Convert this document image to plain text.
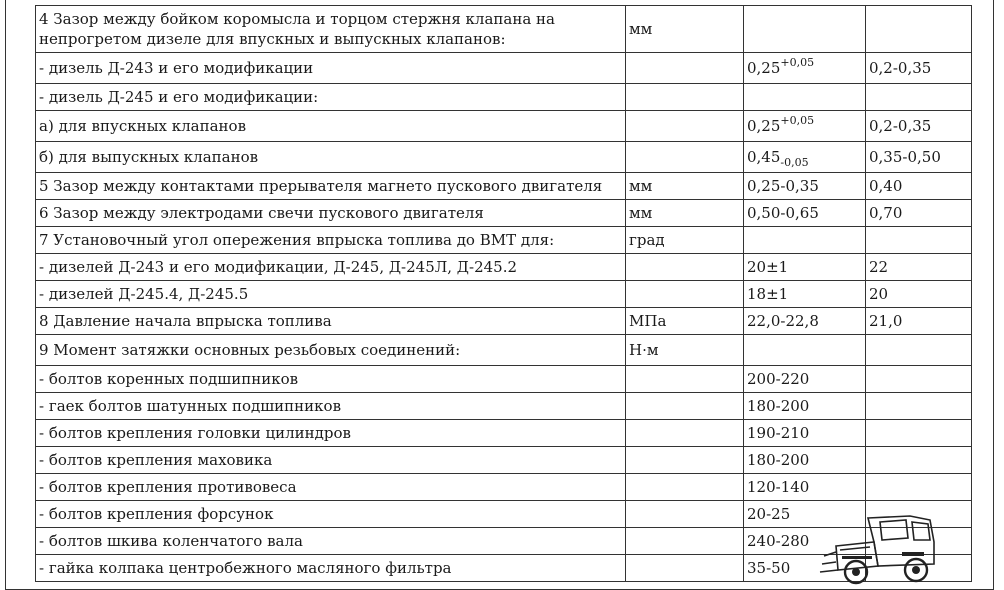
4 Зазор между бойком коромысла и торцом стержня клапана на непрогретом дизеле для впускных и выпускных клапанов:	мм		
- дизель Д-243 и его модификации		$0,25^{+0,05}$	0,2-0,35
- дизель Д-245 и его модификации:			
а) для впускных клапанов		$0,25^{+0,05}$	0,2-0,35
б) для выпускных клапанов		$0,45_{-0,05}$	0,35-0,50
5 Зазор между контактами прерывателя магнето пускового двигателя	мм	0,25-0,35	0,40
6 Зазор между электродами свечи пускового двигателя	мм	0,50-0,65	0,70
7 Установочный угол опережения впрыска топлива до ВМТ для:	град		
- дизелей Д-243 и его модификации, Д-245, Д-245Л, Д-245.2		20±1	22
- дизелей Д-245.4, Д-245.5		18±1	20
8 Давление начала впрыска топлива	МПа	22,0-22,8	21,0
9 Момент затяжки основных резьбовых соединений:	Н·м		
- болтов коренных подшипников		200-220	
- гаек болтов шатунных подшипников		180-200	
- болтов крепления головки цилиндров		190-210	
- болтов крепления маховика		180-200	
- болтов крепления противовеса		120-140	
- болтов крепления форсунок		20-25	
- болтов шкива коленчатого вала		240-280	
- гайка колпака центробежного масляного фильтра		35-50	
